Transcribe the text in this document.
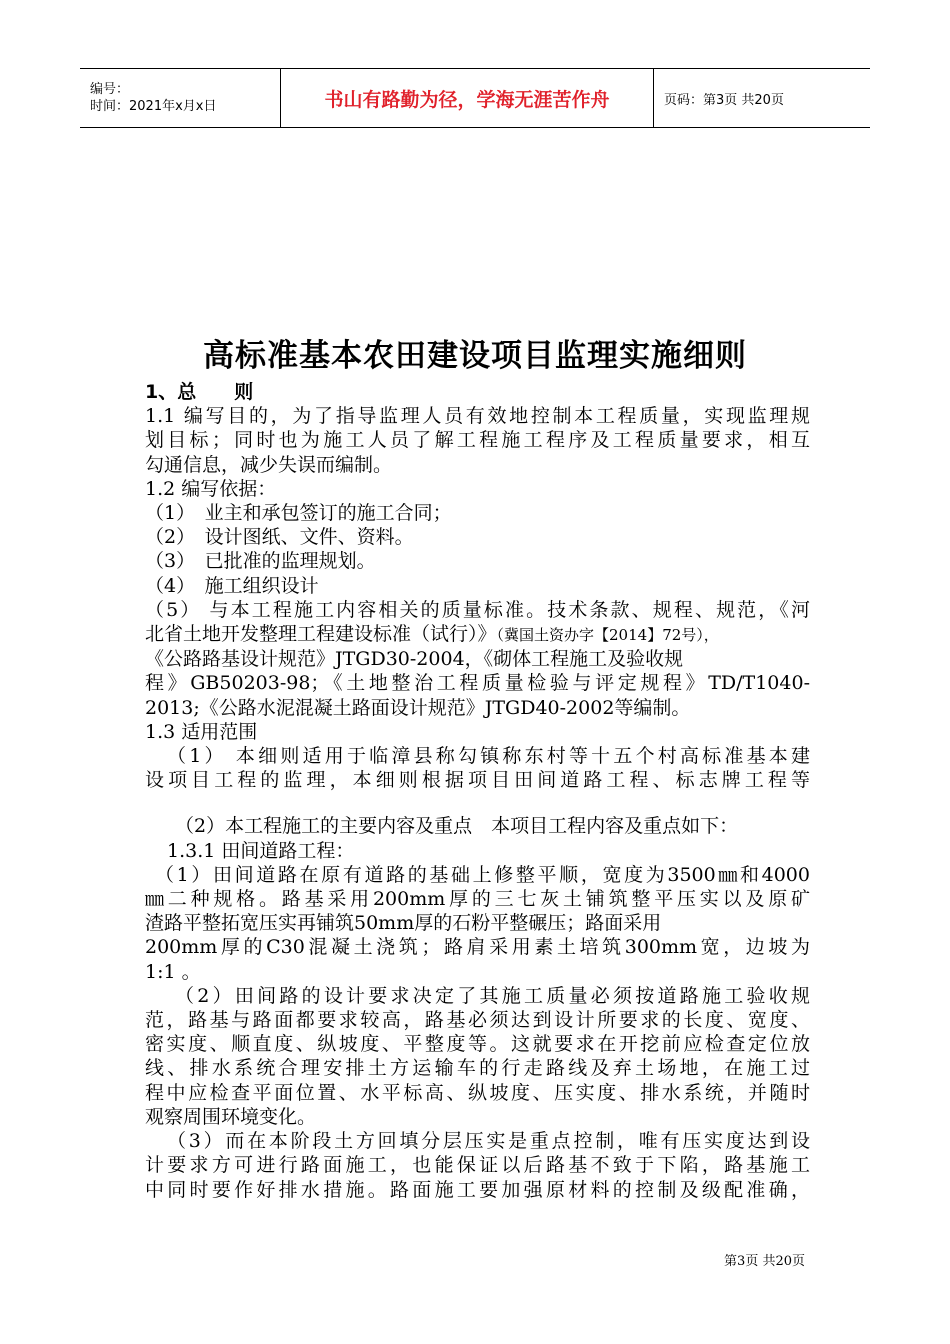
编号：
时间：2021年x月x日	书山有路勤为径，学海无涯苦作舟	页码：第3页 共20页
高标准基本农田建设项目监理实施细则

1、总　　则

1.1 编写目的，为了指导监理人员有效地控制本工程质量，实现监理规

划目标；同时也为施工人员了解工程施工程序及工程质量要求，相互

勾通信息，减少失误而编制。

1.2 编写依据：

（1）　业主和承包签订的施工合同；

（2）　设计图纸、文件、资料。

（3）　已批准的监理规划。

（4）　施工组织设计

（5） 与本工程施工内容相关的质量标准。技术条款、规程、规范，《河

北省土地开发整理工程建设标准（试行）》（冀国土资办字【2014】72号），

《公路路基设计规范》JTGD30-2004，《砌体工程施工及验收规

程》GB50203-98；《土地整治工程质量检验与评定规程》TD/T1040-

2013;《公路水泥混凝土路面设计规范》JTGD40-2002等编制。

1.3 适用范围

（1） 本细则适用于临漳县称勾镇称东村等十五个村高标准基本建

设项目工程的监理，本细则根据项目田间道路工程、标志牌工程等

（2）本工程施工的主要内容及重点　本项目工程内容及重点如下：

1.3.1 田间道路工程：

（1）田间道路在原有道路的基础上修整平顺，宽度为3500㎜和4000

㎜二种规格。路基采用200mm厚的三七灰土铺筑整平压实以及原矿

渣路平整拓宽压实再铺筑50mm厚的石粉平整碾压；路面采用

200mm厚的C30混凝土浇筑；路肩采用素土培筑300mm宽，边坡为

1:1 。

（2）田间路的设计要求决定了其施工质量必须按道路施工验收规

范，路基与路面都要求较高，路基必须达到设计所要求的长度、宽度、

密实度、顺直度、纵坡度、平整度等。这就要求在开挖前应检查定位放

线、排水系统合理安排土方运输车的行走路线及弃土场地，在施工过

程中应检查平面位置、水平标高、纵坡度、压实度、排水系统，并随时

观察周围环境变化。

（3）而在本阶段土方回填分层压实是重点控制，唯有压实度达到设

计要求方可进行路面施工，也能保证以后路基不致于下陷，路基施工

中同时要作好排水措施。路面施工要加强原材料的控制及级配准确，

第3页 共20页
